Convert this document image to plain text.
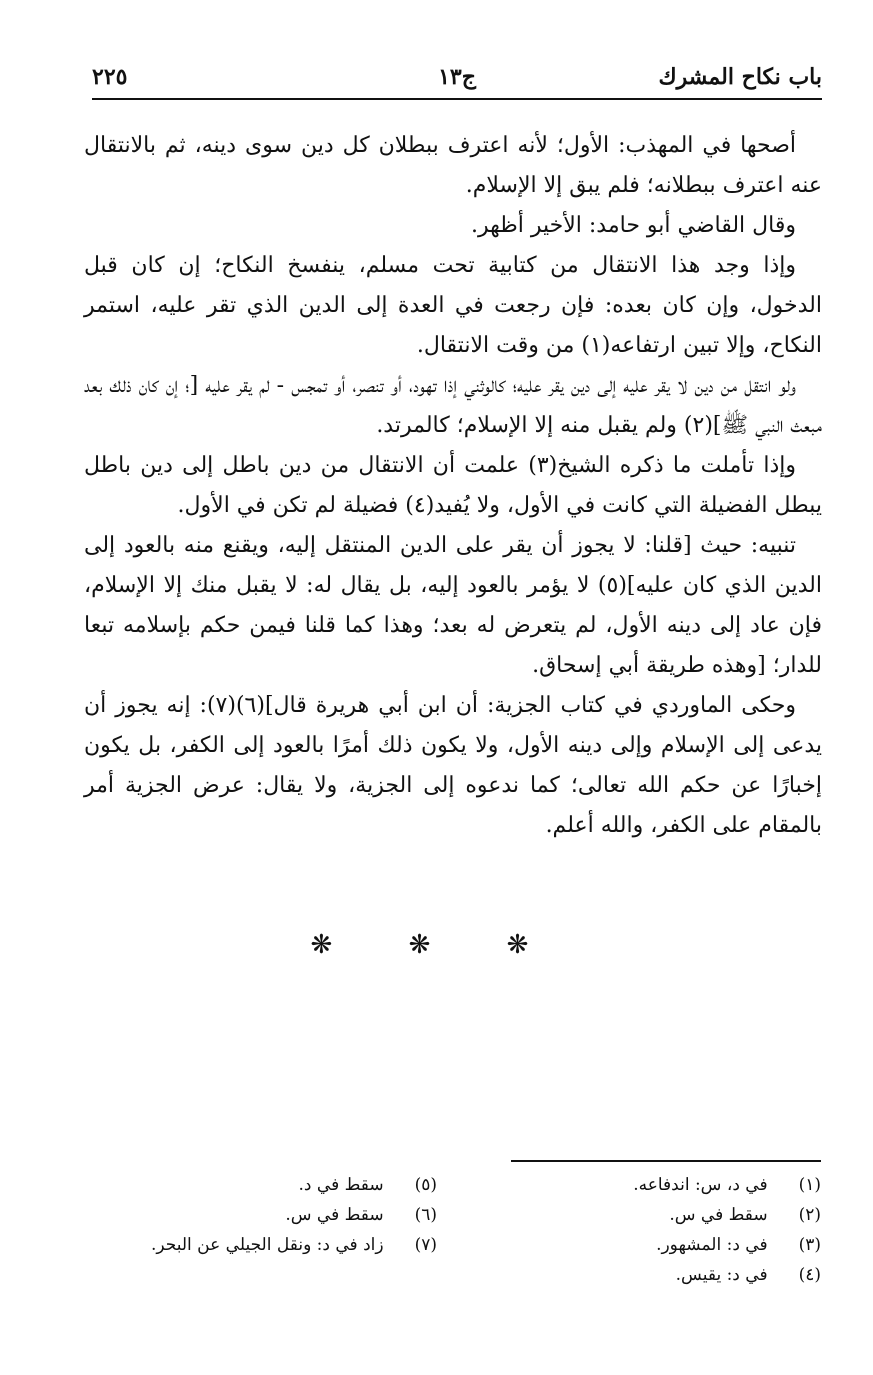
باب نكاح المشرك
ج١٣
٢٢٥

أصحها في المهذب: الأول؛ لأنه اعترف ببطلان كل دين سوى دينه، ثم بالانتقال عنه اعترف ببطلانه؛ فلم يبق إلا الإسلام.

وقال القاضي أبو حامد: الأخير أظهر.

وإذا وجد هذا الانتقال من كتابية تحت مسلم، ينفسخ النكاح؛ إن كان قبل الدخول، وإن كان بعده: فإن رجعت في العدة إلى الدين الذي تقر عليه، استمر النكاح، وإلا تبين ارتفاعه(١) من وقت الانتقال.

ولو انتقل من دين لا يقر عليه إلى دين يقر عليه؛ كالوثني إذا تهود، أو تنصر، أو تمجس - لم يقر عليه [؛ إن كان ذلك بعد مبعث النبي ﷺ](٢) ولم يقبل منه إلا الإسلام؛ كالمرتد.

وإذا تأملت ما ذكره الشيخ(٣) علمت أن الانتقال من دين باطل إلى دين باطل يبطل الفضيلة التي كانت في الأول، ولا يُفيد(٤) فضيلة لم تكن في الأول.

تنبيه: حيث [قلنا: لا يجوز أن يقر على الدين المنتقل إليه، ويقنع منه بالعود إلى الدين الذي كان عليه](٥) لا يؤمر بالعود إليه، بل يقال له: لا يقبل منك إلا الإسلام، فإن عاد إلى دينه الأول، لم يتعرض له بعد؛ وهذا كما قلنا فيمن حكم بإسلامه تبعا للدار؛ [وهذه طريقة أبي إسحاق.

وحكى الماوردي في كتاب الجزية: أن ابن أبي هريرة قال](٦)(٧): إنه يجوز أن يدعى إلى الإسلام وإلى دينه الأول، ولا يكون ذلك أمرًا بالعود إلى الكفر، بل يكون إخبارًا عن حكم الله تعالى؛ كما ندعوه إلى الجزية، ولا يقال: عرض الجزية أمر بالمقام على الكفر، والله أعلم.

❋ ❋ ❋
(١) في د، س: اندفاعه.
(٢) سقط في س.
(٣) في د: المشهور.
(٤) في د: يقيس.
(٥) سقط في د.
(٦) سقط في س.
(٧) زاد في د: ونقل الجيلي عن البحر.
